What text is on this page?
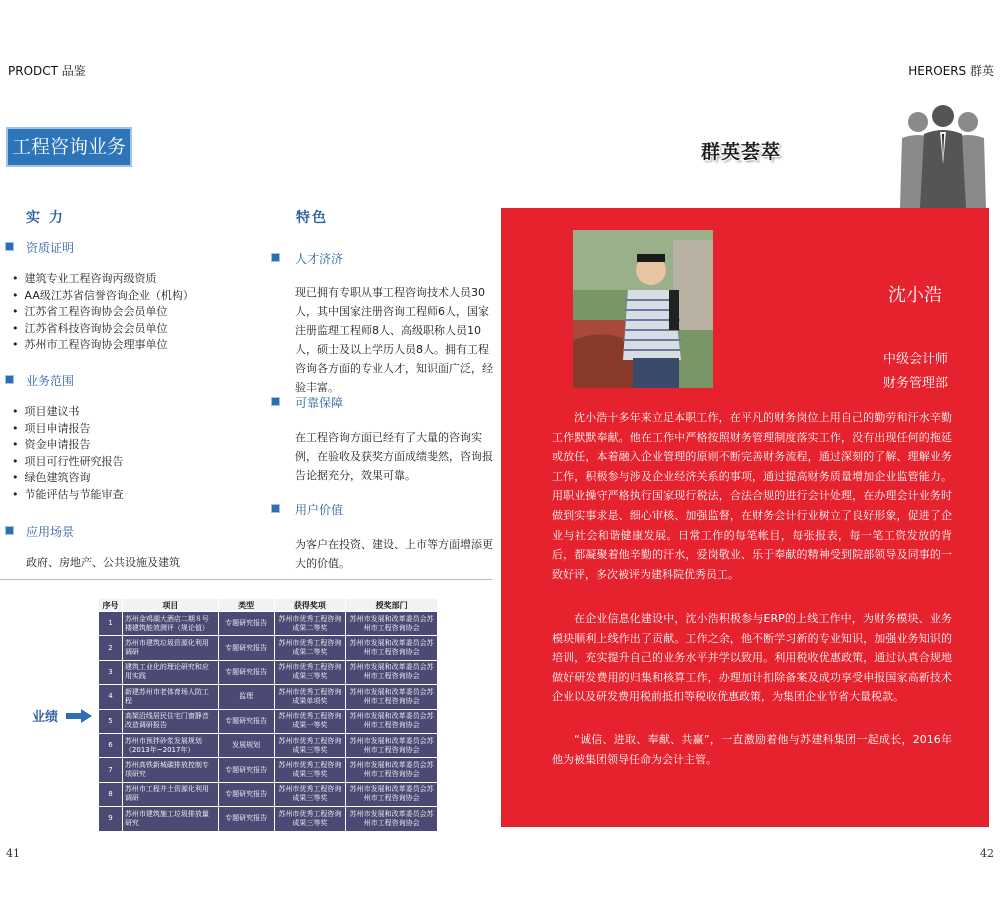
PRODCT 品鉴	HEROERS 群英
工程咨询业务
实 力
资质证明
• 建筑专业工程咨询丙级资质
• AA级江苏省信誉咨询企业（机构）
• 江苏省工程咨询协会会员单位
• 江苏省科技咨询协会会员单位
• 苏州市工程咨询协会理事单位
业务范围
• 项目建议书
• 项目申请报告
• 资金申请报告
• 项目可行性研究报告
• 绿色建筑咨询
• 节能评估与节能审查
应用场景
政府、房地产、公共设施及建筑
特色
人才济济
现已拥有专职从事工程咨询技术人员30人，其中国家注册咨询工程师6人，国家注册监理工程师8人、高级职称人员10人，硕士及以上学历人员8人。拥有工程咨询各方面的专业人才，知识面广泛，经验丰富。
可靠保障
在工程咨询方面已经有了大量的咨询实例，在验收及获奖方面成绩斐然，咨询报告论据充分，效果可靠。
用户价值
为客户在投资、建设、上市等方面增添更大的价值。
业绩
序号	项目	类型	获得奖项	授奖部门
1	苏州金鸡湖大酒店二期８号楼建筑能效测评（规论值）	专题研究报告	苏州市优秀工程咨询成果二等奖	苏州市发展和改革委员会苏州市工程咨询协会
2	苏州市建筑垃圾资源化利用调研	专题研究报告	苏州市优秀工程咨询成果二等奖	苏州市发展和改革委员会苏州市工程咨询协会
3	建筑工业化的理论研究和应用实践	专题研究报告	苏州市优秀工程咨询成果三等奖	苏州市发展和改革委员会苏州市工程咨询协会
4	新建苏州市老体育场人防工程	监理	苏州市优秀工程咨询成果单项奖	苏州市发展和改革委员会苏州市工程咨询协会
5	高架沿线居民住宅门窗静音改造调研报告	专题研究报告	苏州市优秀工程咨询成果一等奖	苏州市发展和改革委员会苏州市工程咨询协会
6	苏州市预拌砂浆发展规划（2013年~2017年）	发展规划	苏州市优秀工程咨询成果三等奖	苏州市发展和改革委员会苏州市工程咨询协会
7	苏州高铁新城碳排放控制专项研究	专题研究报告	苏州市优秀工程咨询成果三等奖	苏州市发展和改革委员会苏州市工程咨询协会
8	苏州市工程井土资源化利用调研	专题研究报告	苏州市优秀工程咨询成果三等奖	苏州市发展和改革委员会苏州市工程咨询协会
9	苏州市建筑施工垃圾排放量研究	专题研究报告	苏州市优秀工程咨询成果三等奖	苏州市发展和改革委员会苏州市工程咨询协会
41
群英荟萃
沈小浩
中级会计师
财务管理部
沈小浩十多年来立足本职工作，在平凡的财务岗位上用自己的勤劳和汗水辛勤工作默默奉献。他在工作中严格按照财务管理制度落实工作，没有出现任何的拖延或放任，本着融入企业管理的原则不断完善财务流程，通过深刻的了解、理解业务工作，积极参与涉及企业经济关系的事项，通过提高财务质量增加企业监管能力。用职业操守严格执行国家现行税法，合法合规的进行会计处理，在办理会计业务时做到实事求是、细心审核、加强监督，在财务会计行业树立了良好形象，促进了企业与社会和谐健康发展。日常工作的每笔帐目，每张报表，每一笔工资发放的背后，都凝聚着他辛勤的汗水，爱岗敬业、乐于奉献的精神受到院部领导及同事的一致好评，多次被评为建科院优秀员工。
在企业信息化建设中，沈小浩积极参与ERP的上线工作中，为财务模块、业务模块顺利上线作出了贡献。工作之余，他不断学习新的专业知识，加强业务知识的培训，充实提升自己的业务水平并学以致用。利用税收优惠政策，通过认真合规地做好研发费用的归集和核算工作，办理加计扣除备案及成功享受申报国家高新技术企业以及研发费用税前抵扣等税收优惠政策，为集团企业节省大量税款。
“诚信、进取、奉献、共赢”，一直激励着他与苏建科集团一起成长，2016年他为被集团领导任命为会计主管。
42
